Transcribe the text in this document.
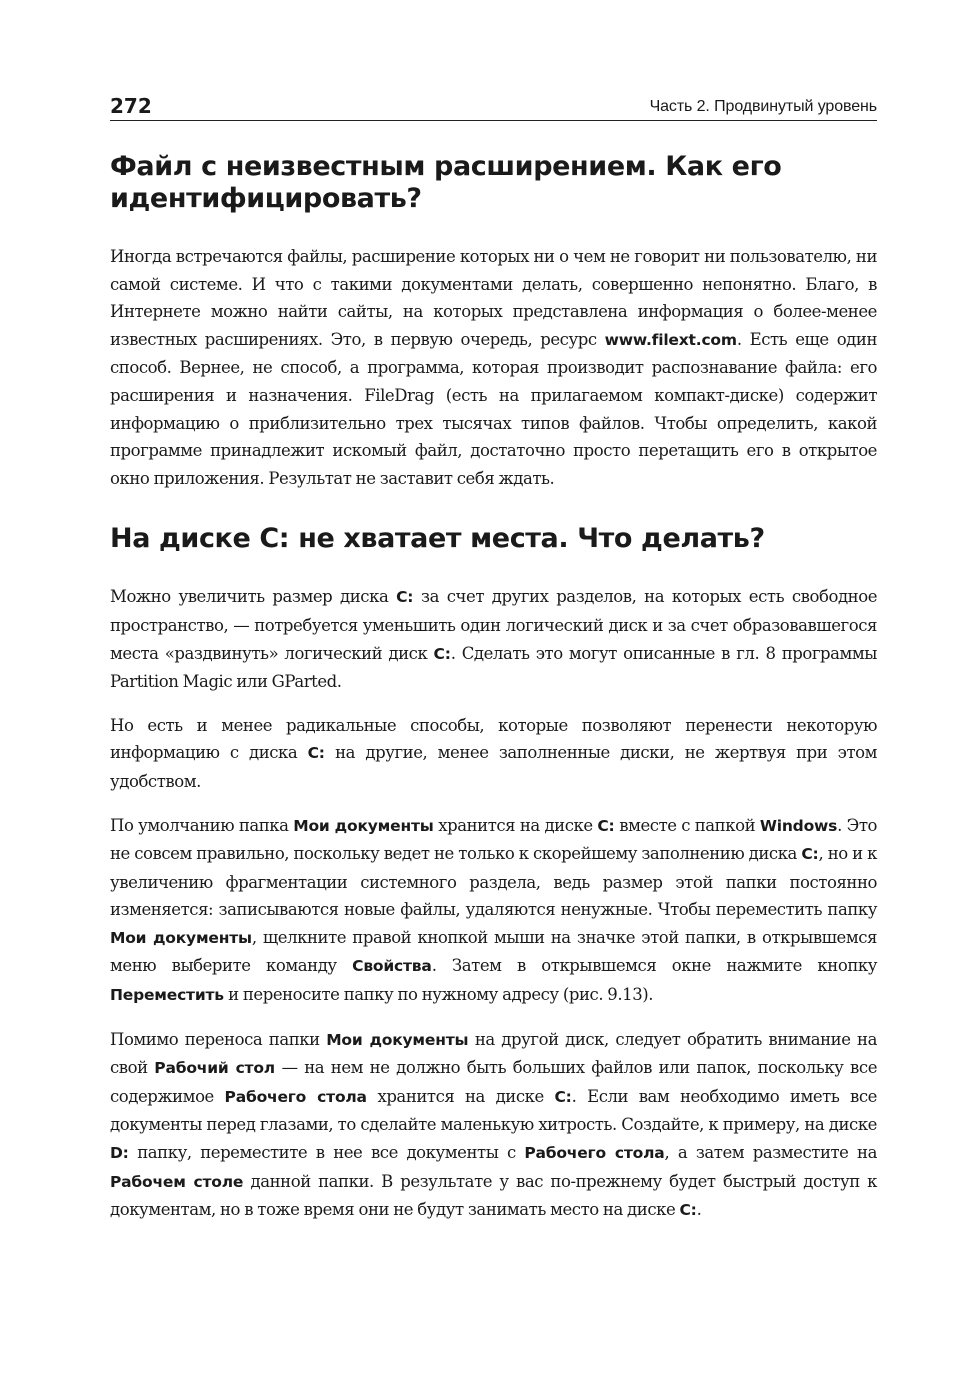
272	Часть 2. Продвинутый уровень
Файл с неизвестным расширением. Как его идентифицировать?

Иногда встречаются файлы, расширение которых ни о чем не говорит ни пользователю, ни самой системе. И что с такими документами делать, совершенно непонятно. Благо, в Интернете можно найти сайты, на которых представлена информация о более-менее известных расширениях. Это, в первую очередь, ресурс www.filext.com. Есть еще один способ. Вернее, не способ, а программа, которая производит распознавание файла: его расширения и назначения. FileDrag (есть на прилагаемом компакт-диске) содержит информацию о приблизительно трех тысячах типов файлов. Чтобы определить, какой программе принадлежит искомый файл, достаточно просто перетащить его в открытое окно приложения. Результат не заставит себя ждать.

На диске C: не хватает места. Что делать?

Можно увеличить размер диска C: за счет других разделов, на которых есть свободное пространство, — потребуется уменьшить один логический диск и за счет образовавшегося места «раздвинуть» логический диск C:. Сделать это могут описанные в гл. 8 программы Partition Magic или GParted.

Но есть и менее радикальные способы, которые позволяют перенести некоторую информацию с диска C: на другие, менее заполненные диски, не жертвуя при этом удобством.

По умолчанию папка Мои документы хранится на диске C: вместе с папкой Windows. Это не совсем правильно, поскольку ведет не только к скорейшему заполнению диска C:, но и к увеличению фрагментации системного раздела, ведь размер этой папки постоянно изменяется: записываются новые файлы, удаляются ненужные. Чтобы переместить папку Мои документы, щелкните правой кнопкой мыши на значке этой папки, в открывшемся меню выберите команду Свойства. Затем в открывшемся окне нажмите кнопку Переместить и переносите папку по нужному адресу (рис. 9.13).

Помимо переноса папки Мои документы на другой диск, следует обратить внимание на свой Рабочий стол — на нем не должно быть больших файлов или папок, поскольку все содержимое Рабочего стола хранится на диске C:. Если вам необходимо иметь все документы перед глазами, то сделайте маленькую хитрость. Создайте, к примеру, на диске D: папку, переместите в нее все документы с Рабочего стола, а затем разместите на Рабочем столе данной папки. В результате у вас по-прежнему будет быстрый доступ к документам, но в тоже время они не будут занимать место на диске C:.
